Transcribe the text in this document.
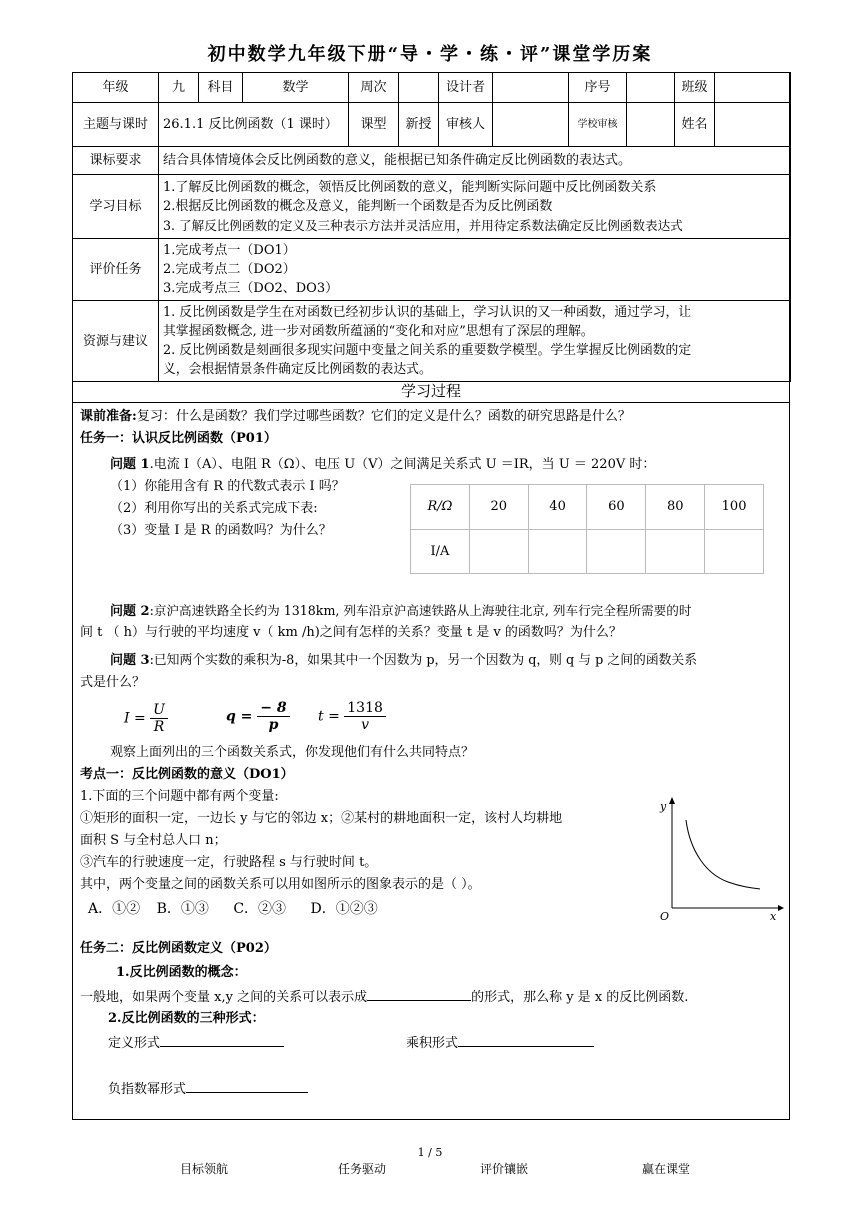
初中数学九年级下册“导・学・练・评”课堂学历案
年级	九	科目	数学	周次		设计者		序号		班级	
主题与课时	26.1.1 反比例函数（1 课时）			课型	新授	审核人		学校审核		姓名	
课标要求	结合具体情境体会反比例函数的意义，能根据已知条件确定反比例函数的表达式。										
学习目标	1.了解反比例函数的概念，领悟反比例函数的意义，能判断实际问题中反比例函数关系
2.根据反比例函数的概念及意义，能判断一个函数是否为反比例函数
3. 了解反比例函数的定义及三种表示方法并灵活应用，并用待定系数法确定反比例函数表达式										

评价任务	1.完成考点一（DO1）
2.完成考点二（DO2）
3.完成考点三（DO2、DO3）										

资源与建议	1. 反比例函数是学生在对函数已经初步认识的基础上，学习认识的又一种函数，通过学习，让
其掌握函数概念, 进一步对函数所蕴涵的“变化和对应”思想有了深层的理解。
2. 反比例函数是刻画很多现实问题中变量之间关系的重要数学模型。学生掌握反比例函数的定
义，会根据情景条件确定反比例函数的表达式。										
学习过程
课前准备:复习：什么是函数？我们学过哪些函数？它们的定义是什么？函数的研究思路是什么？
任务一：认识反比例函数（P01）
问题 1.电流 I（A）、电阻 R（Ω）、电压 U（V）之间满足关系式 U ＝IR，当 U ＝ 220V 时：
（1）你能用含有 R 的代数式表示 I 吗？
（2）利用你写出的关系式完成下表:
（3）变量 I 是 R 的函数吗？为什么？
R/Ω	20	40	60	80	100
I/A					
问题 2:京沪高速铁路全长约为 1318km, 列车沿京沪高速铁路从上海驶往北京, 列车行完全程所需要的时
间 t （ h）与行驶的平均速度 v（ km /h)之间有怎样的关系？变量 t 是 v 的函数吗？为什么？
问题 3:已知两个实数的乘积为-8，如果其中一个因数为 p，另一个因数为 q，则 q 与 p 之间的函数关系
式是什么？
$I = \frac{U}{R}$	$q = \frac{- 8}{p}$ $t = \frac{1318}{v}$
观察上面列出的三个函数关系式，你发现他们有什么共同特点？
考点一：反比例函数的意义（DO1）
1.下面的三个问题中都有两个变量:
①矩形的面积一定，一边长 y 与它的邻边 x；②某村的耕地面积一定，该村人均耕地
面积 S 与全村总人口 n；
③汽车的行驶速度一定，行驶路程 s 与行驶时间 t。
其中，两个变量之间的函数关系可以用如图所示的图象表示的是（ ）。
A．①② B．①③ C．②③ D．①②③
y
x
O
任务二：反比例函数定义（P02）
1.反比例函数的概念：
一般地，如果两个变量 x,y 之间的关系可以表示成	的形式，那么称 y 是 x 的反比例函数.
2.反比例函数的三种形式：
定义形式	乘积形式
负指数幂形式
1 / 5
目标领航	任务驱动	评价镶嵌	赢在课堂
